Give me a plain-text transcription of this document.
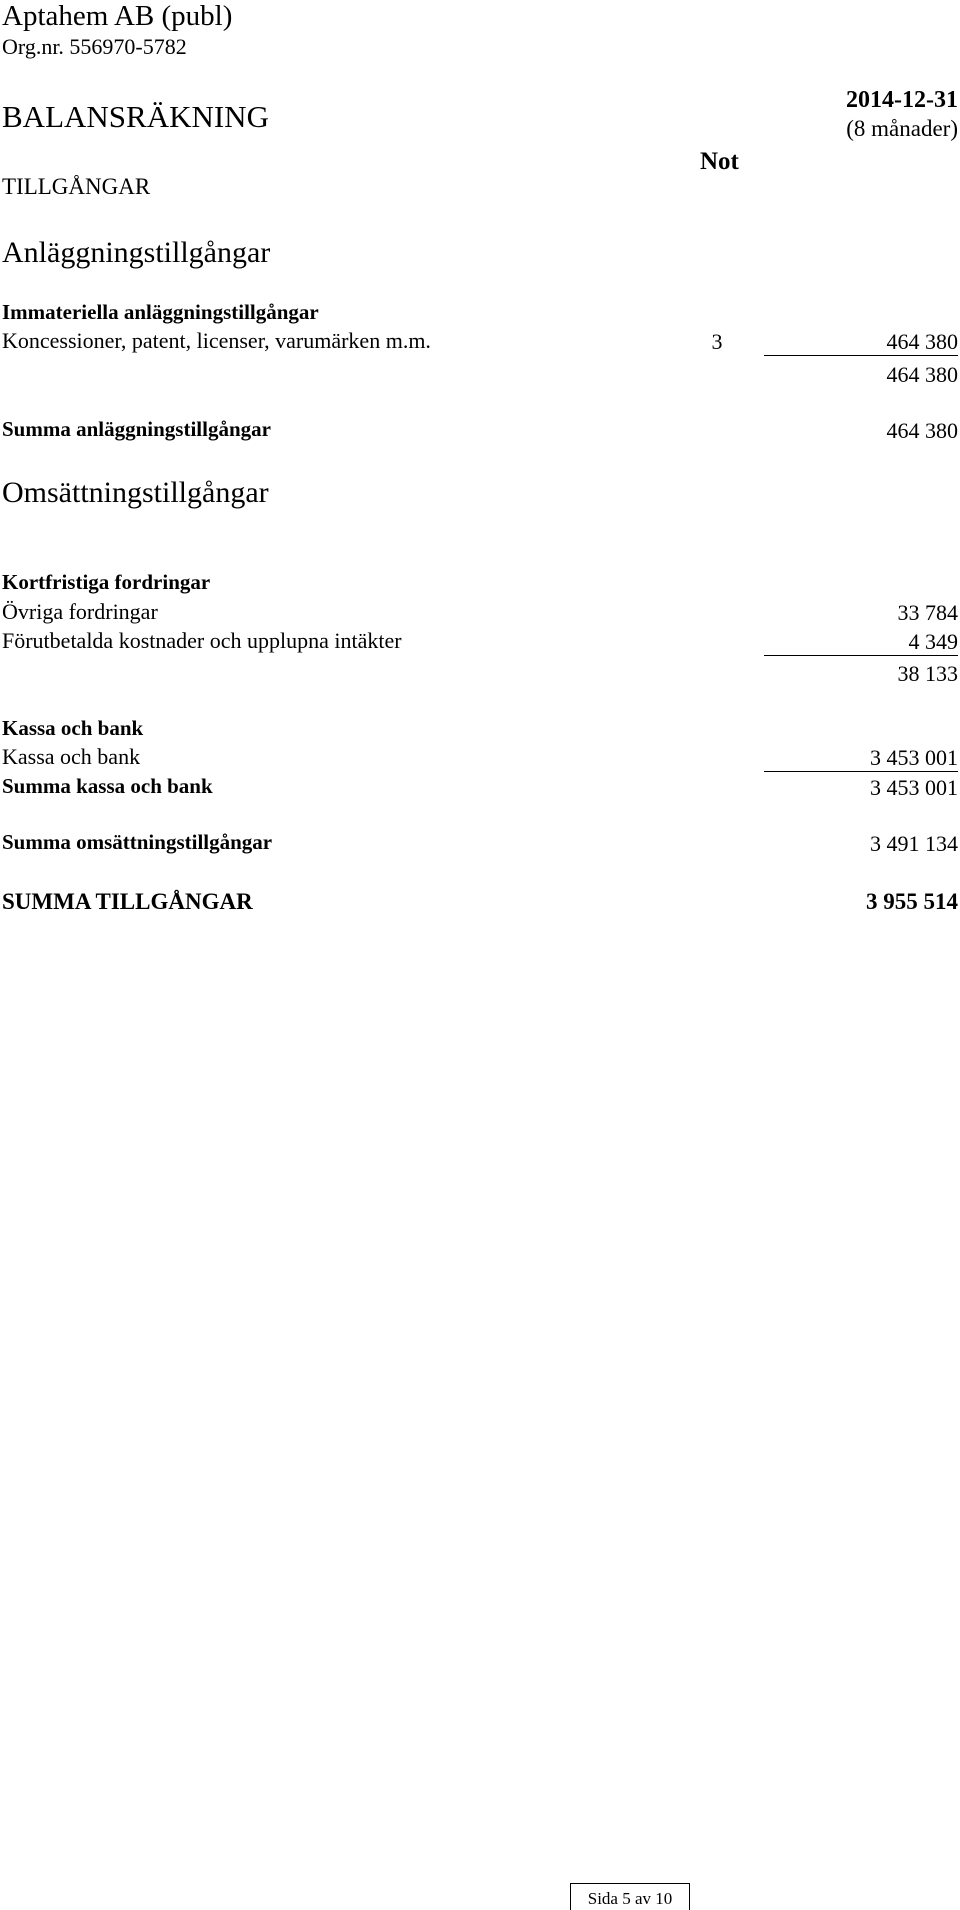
Aptahem AB (publ)
Org.nr. 556970-5782
BALANSRÄKNING	2014-12-31
(8 månader)
Not
TILLGÅNGAR
Anläggningstillgångar
Immateriella anläggningstillgångar
Koncessioner, patent, licenser, varumärken m.m.	3	464 380
464 380
Summa anläggningstillgångar	464 380
Omsättningstillgångar
Kortfristiga fordringar
Övriga fordringar	33 784
Förutbetalda kostnader och upplupna intäkter	4 349
38 133
Kassa och bank
Kassa och bank	3 453 001
Summa kassa och bank	3 453 001
Summa omsättningstillgångar	3 491 134
SUMMA TILLGÅNGAR	3 955 514
Sida 5 av 10
